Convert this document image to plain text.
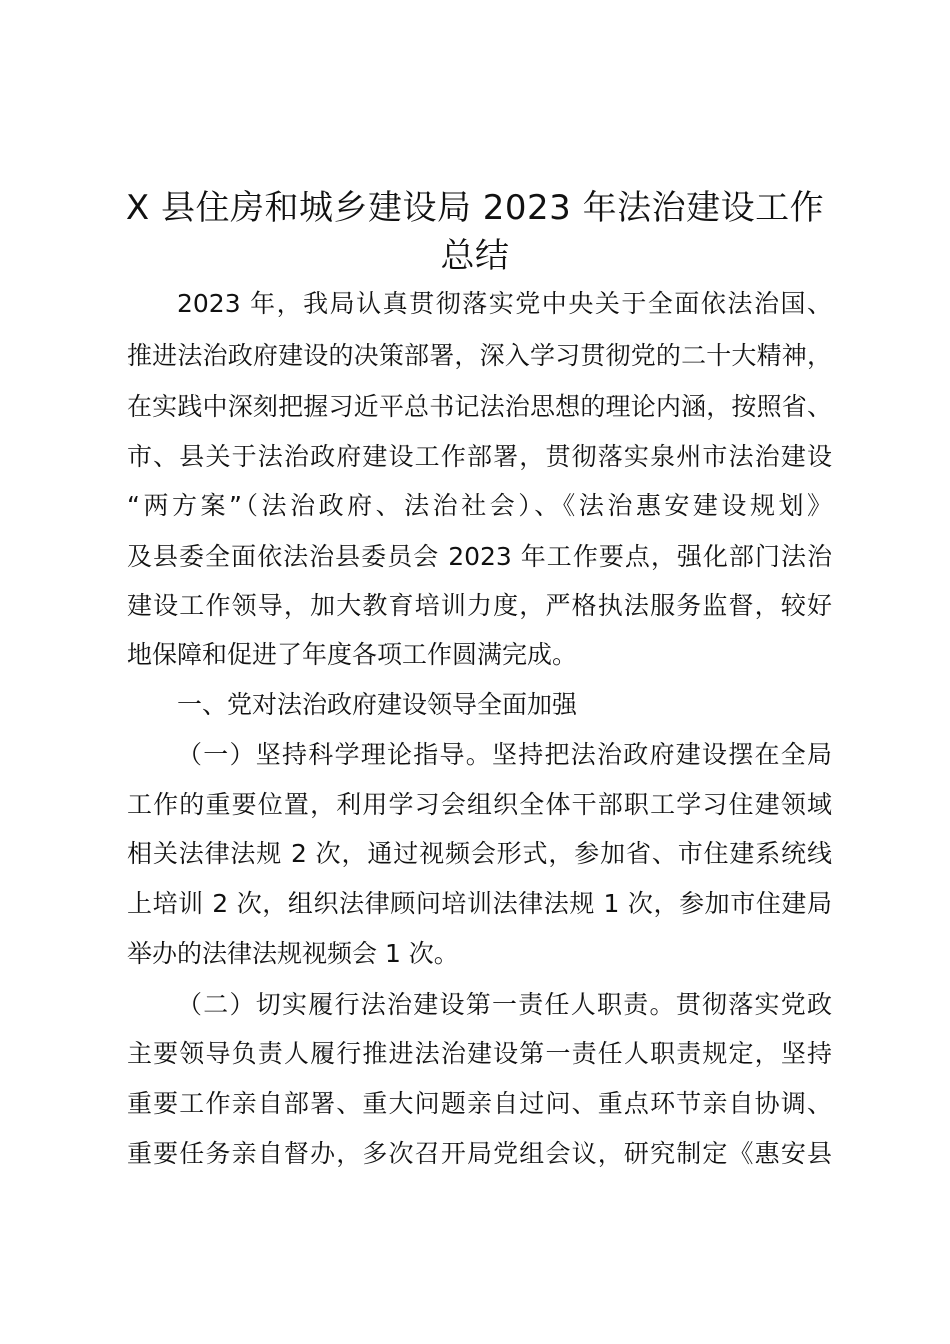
X 县住房和城乡建设局 2023 年法治建设工作
总结
2023 年，我局认真贯彻落实党中央关于全面依法治国、
推进法治政府建设的决策部署，深入学习贯彻党的二十大精神，
在实践中深刻把握习近平总书记法治思想的理论内涵，按照省、
市、县关于法治政府建设工作部署，贯彻落实泉州市法治建设
“两方案”（法治政府、法治社会）、《法治惠安建设规划》
及县委全面依法治县委员会 2023 年工作要点，强化部门法治
建设工作领导，加大教育培训力度，严格执法服务监督，较好
地保障和促进了年度各项工作圆满完成。
一、党对法治政府建设领导全面加强
（一）坚持科学理论指导。坚持把法治政府建设摆在全局
工作的重要位置，利用学习会组织全体干部职工学习住建领域
相关法律法规 2 次，通过视频会形式，参加省、市住建系统线
上培训 2 次，组织法律顾问培训法律法规 1 次，参加市住建局
举办的法律法规视频会 1 次。
（二）切实履行法治建设第一责任人职责。贯彻落实党政
主要领导负责人履行推进法治建设第一责任人职责规定，坚持
重要工作亲自部署、重大问题亲自过问、重点环节亲自协调、
重要任务亲自督办，多次召开局党组会议，研究制定《惠安县
